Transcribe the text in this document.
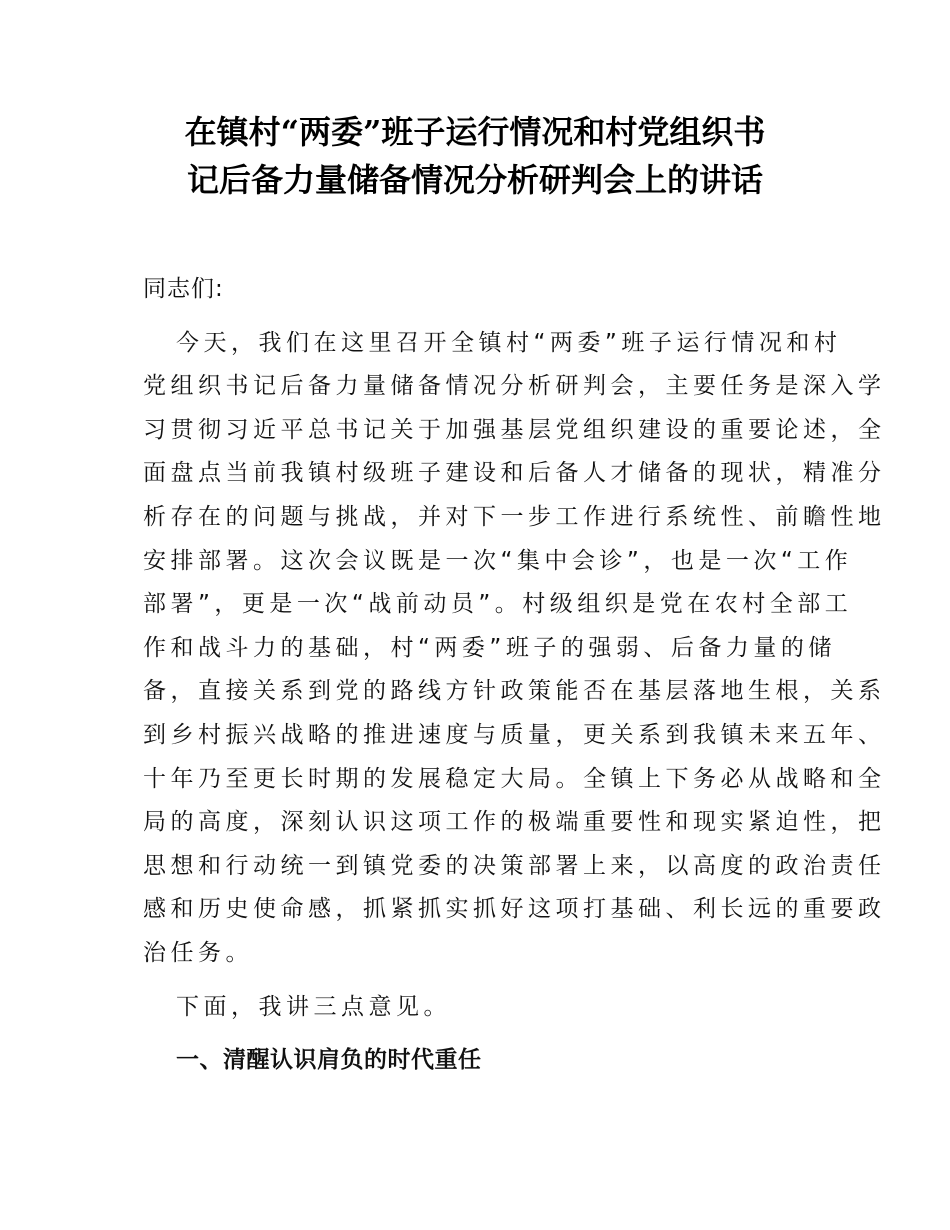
在镇村“两委”班子运行情况和村党组织书
记后备力量储备情况分析研判会上的讲话
同志们:
今天，我们在这里召开全镇村“两委”班子运行情况和村
党组织书记后备力量储备情况分析研判会，主要任务是深入学
习贯彻习近平总书记关于加强基层党组织建设的重要论述，全
面盘点当前我镇村级班子建设和后备人才储备的现状，精准分
析存在的问题与挑战，并对下一步工作进行系统性、前瞻性地
安排部署。这次会议既是一次“集中会诊”，也是一次“工作
部署”，更是一次“战前动员”。村级组织是党在农村全部工
作和战斗力的基础，村“两委”班子的强弱、后备力量的储
备，直接关系到党的路线方针政策能否在基层落地生根，关系
到乡村振兴战略的推进速度与质量，更关系到我镇未来五年、
十年乃至更长时期的发展稳定大局。全镇上下务必从战略和全
局的高度，深刻认识这项工作的极端重要性和现实紧迫性，把
思想和行动统一到镇党委的决策部署上来，以高度的政治责任
感和历史使命感，抓紧抓实抓好这项打基础、利长远的重要政
治任务。
下面，我讲三点意见。
一、清醒认识肩负的时代重任
